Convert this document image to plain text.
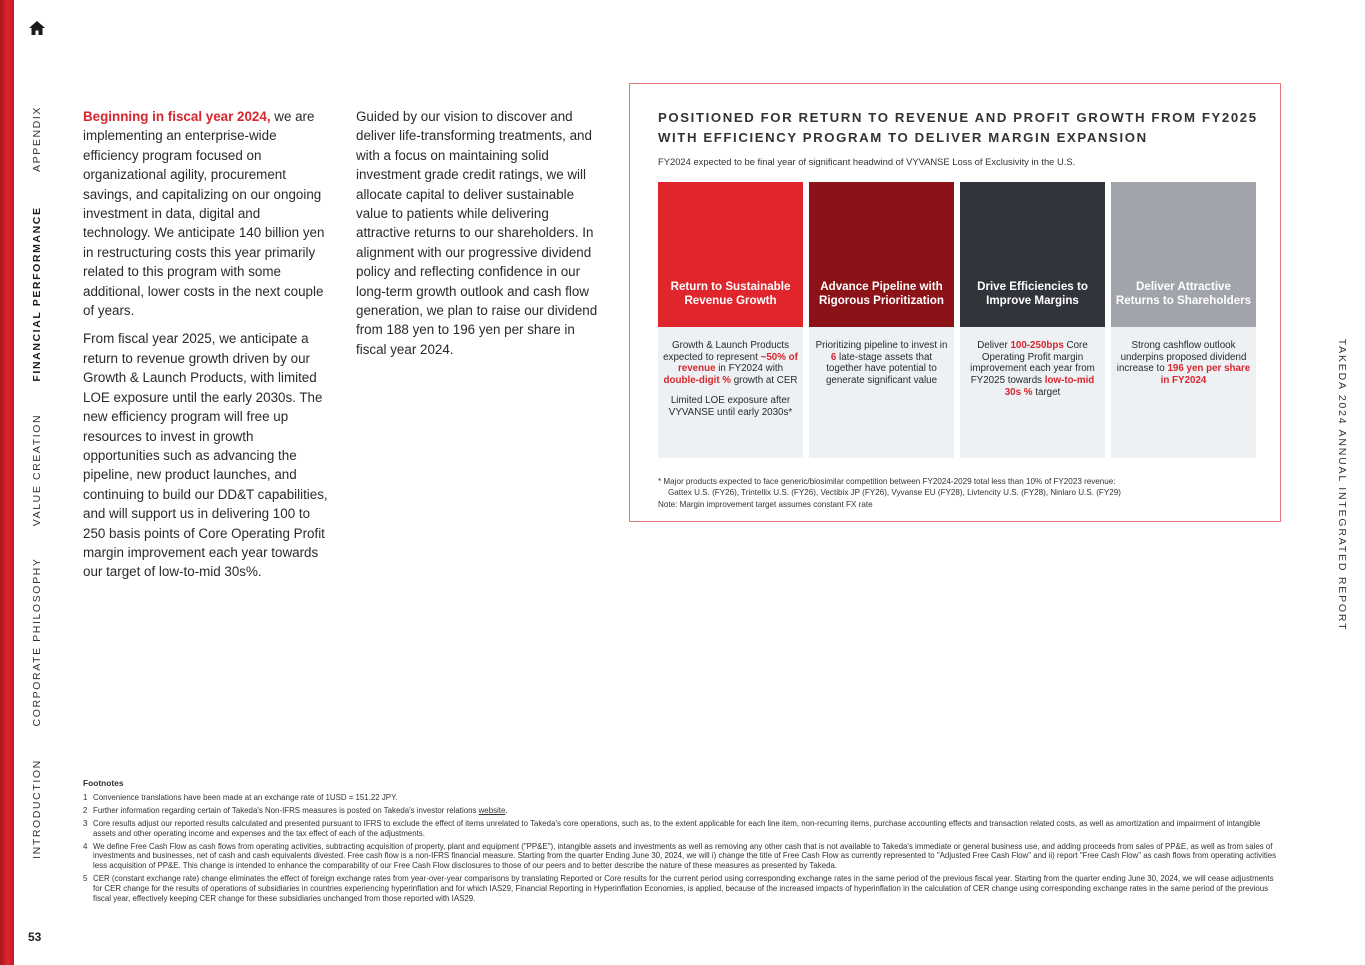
APPENDIX
FINANCIAL PERFORMANCE
VALUE CREATION
CORPORATE PHILOSOPHY
INTRODUCTION
53
TAKEDA 2024 ANNUAL INTEGRATED REPORT

Beginning in fiscal year 2024, we are implementing an enterprise-wide efficiency program focused on organizational agility, procurement savings, and capitalizing on our ongoing investment in data, digital and technology. We anticipate 140 billion yen in restructuring costs this year primarily related to this program with some additional, lower costs in the next couple of years.

From fiscal year 2025, we anticipate a return to revenue growth driven by our Growth & Launch Products, with limited LOE exposure until the early 2030s. The new efficiency program will free up resources to invest in growth opportunities such as advancing the pipeline, new product launches, and continuing to build our DD&T capabilities, and will support us in delivering 100 to 250 basis points of Core Operating Profit margin improvement each year towards our target of low-to-mid 30s%.

Guided by our vision to discover and deliver life-transforming treatments, and with a focus on maintaining solid investment grade credit ratings, we will allocate capital to deliver sustainable value to patients while delivering attractive returns to our shareholders. In alignment with our progressive dividend policy and reflecting confidence in our long-term growth outlook and cash flow generation, we plan to raise our dividend from 188 yen to 196 yen per share in fiscal year 2024.

POSITIONED FOR RETURN TO REVENUE AND PROFIT GROWTH FROM FY2025 WITH EFFICIENCY PROGRAM TO DELIVER MARGIN EXPANSION
FY2024 expected to be final year of significant headwind of VYVANSE Loss of Exclusivity in the U.S.
Return to Sustainable Revenue Growth

Growth & Launch Products expected to represent ~50% of revenue in FY2024 with double-digit % growth at CER

Limited LOE exposure after VYVANSE until early 2030s*

Advance Pipeline with Rigorous Prioritization

Prioritizing pipeline to invest in 6 late-stage assets that together have potential to generate significant value

Drive Efficiencies to Improve Margins

Deliver 100-250bps Core Operating Profit margin improvement each year from FY2025 towards low-to-mid 30s % target

Deliver Attractive Returns to Shareholders

Strong cashflow outlook underpins proposed dividend increase to 196 yen per share in FY2024

* Major products expected to face generic/biosimilar competition between FY2024-2029 total less than 10% of FY2023 revenue:
Gattex U.S. (FY26), Trintellix U.S. (FY26), Vectibix JP (FY26), Vyvanse EU (FY28), Livtencity U.S. (FY28), Ninlaro U.S. (FY29)
Note: Margin improvement target assumes constant FX rate
Footnotes
1 Convenience translations have been made at an exchange rate of 1USD = 151.22 JPY.
2 Further information regarding certain of Takeda's Non-IFRS measures is posted on Takeda's investor relations website.
3 Core results adjust our reported results calculated and presented pursuant to IFRS to exclude the effect of items unrelated to Takeda's core operations, such as, to the extent applicable for each line item, non-recurring items, purchase accounting effects and transaction related costs, as well as amortization and impairment of intangible assets and other operating income and expenses and the tax effect of each of the adjustments.
4 We define Free Cash Flow as cash flows from operating activities, subtracting acquisition of property, plant and equipment ("PP&E"), intangible assets and investments as well as removing any other cash that is not available to Takeda's immediate or general business use, and adding proceeds from sales of PP&E, as well as from sales of investments and businesses, net of cash and cash equivalents divested. Free cash flow is a non-IFRS financial measure. Starting from the quarter Ending June 30, 2024, we will i) change the title of Free Cash Flow as currently represented to "Adjusted Free Cash Flow" and ii) report "Free Cash Flow" as cash flows from operating activities less acquisition of PP&E. This change is intended to enhance the comparability of our Free Cash Flow disclosures to those of our peers and to better describe the nature of these measures as presented by Takeda.
5 CER (constant exchange rate) change eliminates the effect of foreign exchange rates from year-over-year comparisons by translating Reported or Core results for the current period using corresponding exchange rates in the same period of the previous fiscal year. Starting from the quarter ending June 30, 2024, we will cease adjustments for CER change for the results of operations of subsidiaries in countries experiencing hyperinflation and for which IAS29, Financial Reporting in Hyperinflation Economies, is applied, because of the increased impacts of hyperinflation in the calculation of CER change using corresponding exchange rates in the same period of the previous fiscal year, effectively keeping CER change for these subsidiaries unchanged from those reported with IAS29.
